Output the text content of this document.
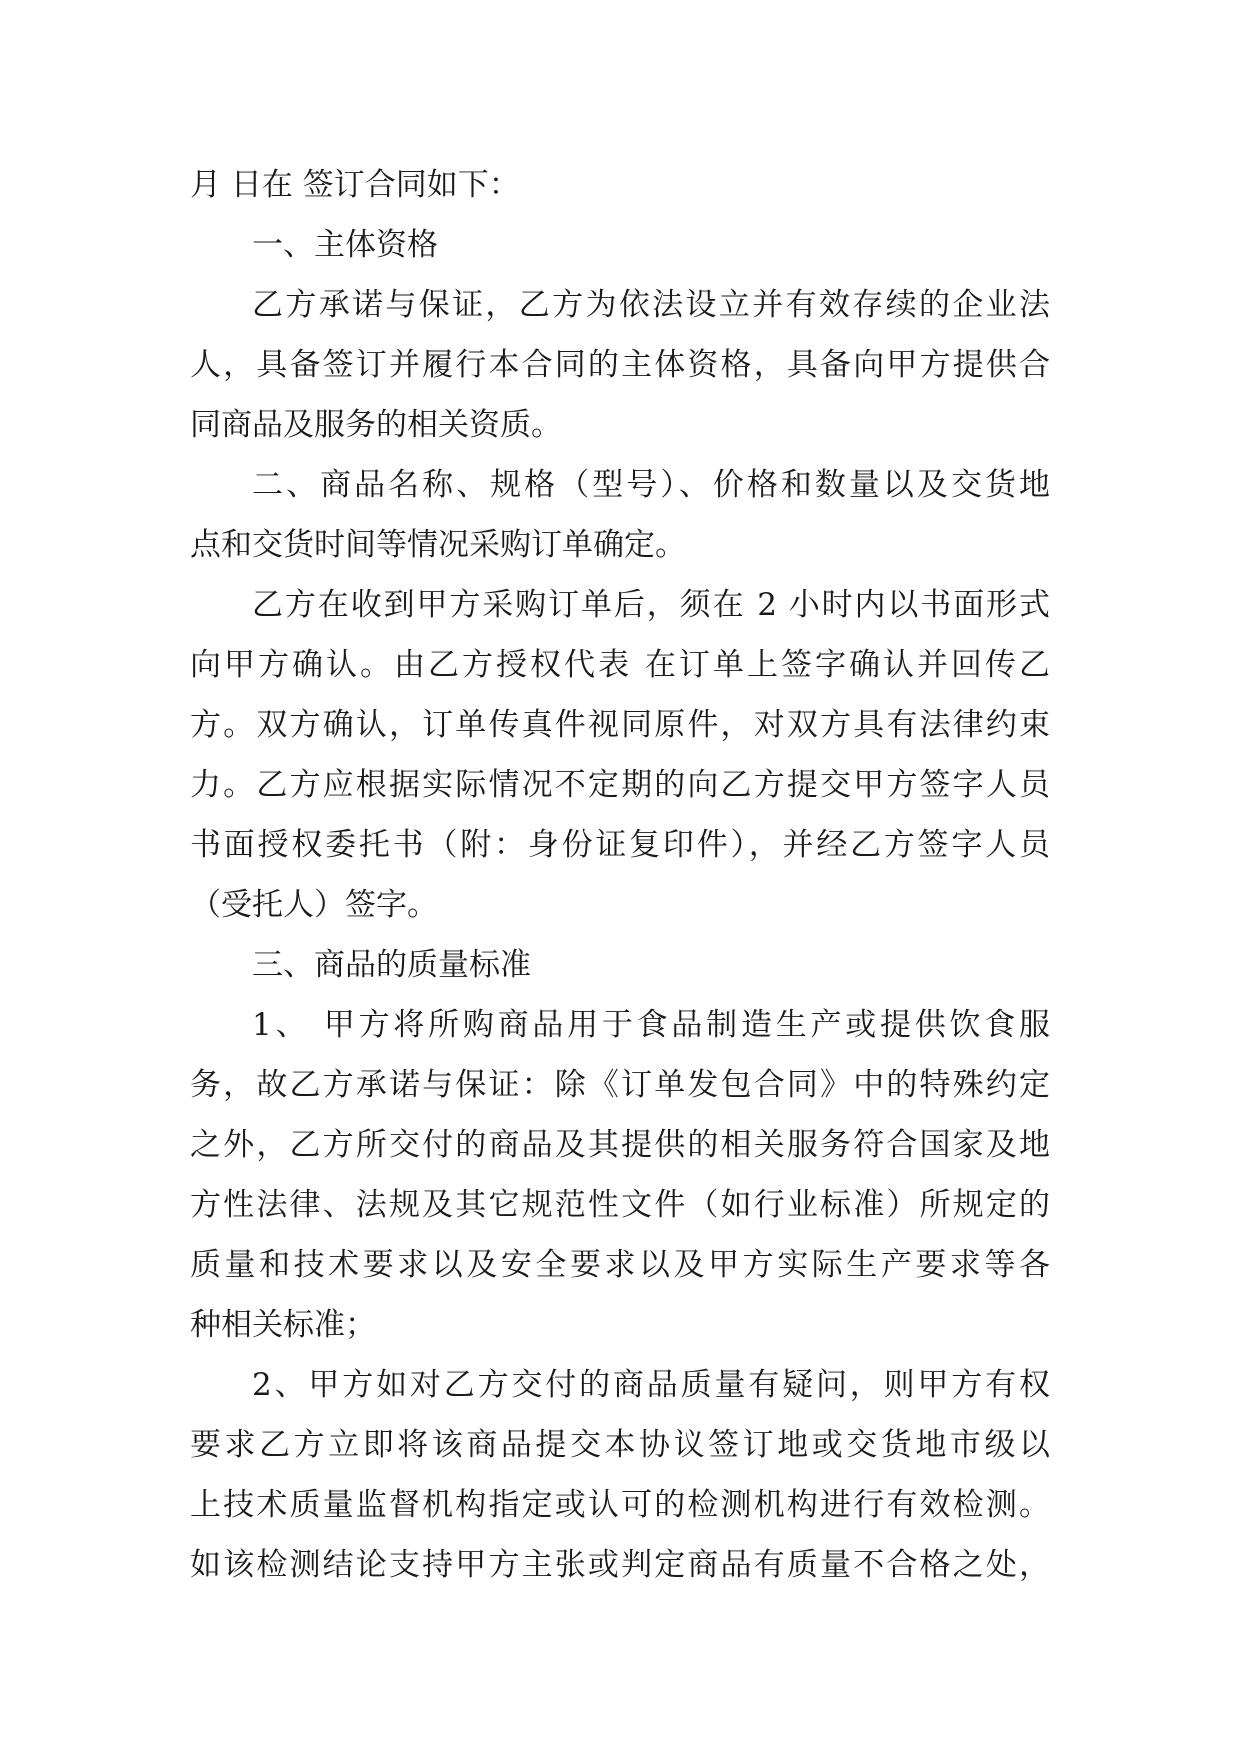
月 日在 签订合同如下：
一、主体资格
乙方承诺与保证，乙方为依法设立并有效存续的企业法
人，具备签订并履行本合同的主体资格，具备向甲方提供合
同商品及服务的相关资质。
二、商品名称、规格（型号）、价格和数量以及交货地
点和交货时间等情况采购订单确定。
乙方在收到甲方采购订单后，须在 2 小时内以书面形式
向甲方确认。由乙方授权代表 在订单上签字确认并回传乙
方。双方确认，订单传真件视同原件，对双方具有法律约束
力。乙方应根据实际情况不定期的向乙方提交甲方签字人员
书面授权委托书（附：身份证复印件），并经乙方签字人员
（受托人）签字。
三、商品的质量标准
1、 甲方将所购商品用于食品制造生产或提供饮食服
务，故乙方承诺与保证：除《订单发包合同》中的特殊约定
之外，乙方所交付的商品及其提供的相关服务符合国家及地
方性法律、法规及其它规范性文件（如行业标准）所规定的
质量和技术要求以及安全要求以及甲方实际生产要求等各
种相关标准；
2、甲方如对乙方交付的商品质量有疑问，则甲方有权
要求乙方立即将该商品提交本协议签订地或交货地市级以
上技术质量监督机构指定或认可的检测机构进行有效检测。
如该检测结论支持甲方主张或判定商品有质量不合格之处，
